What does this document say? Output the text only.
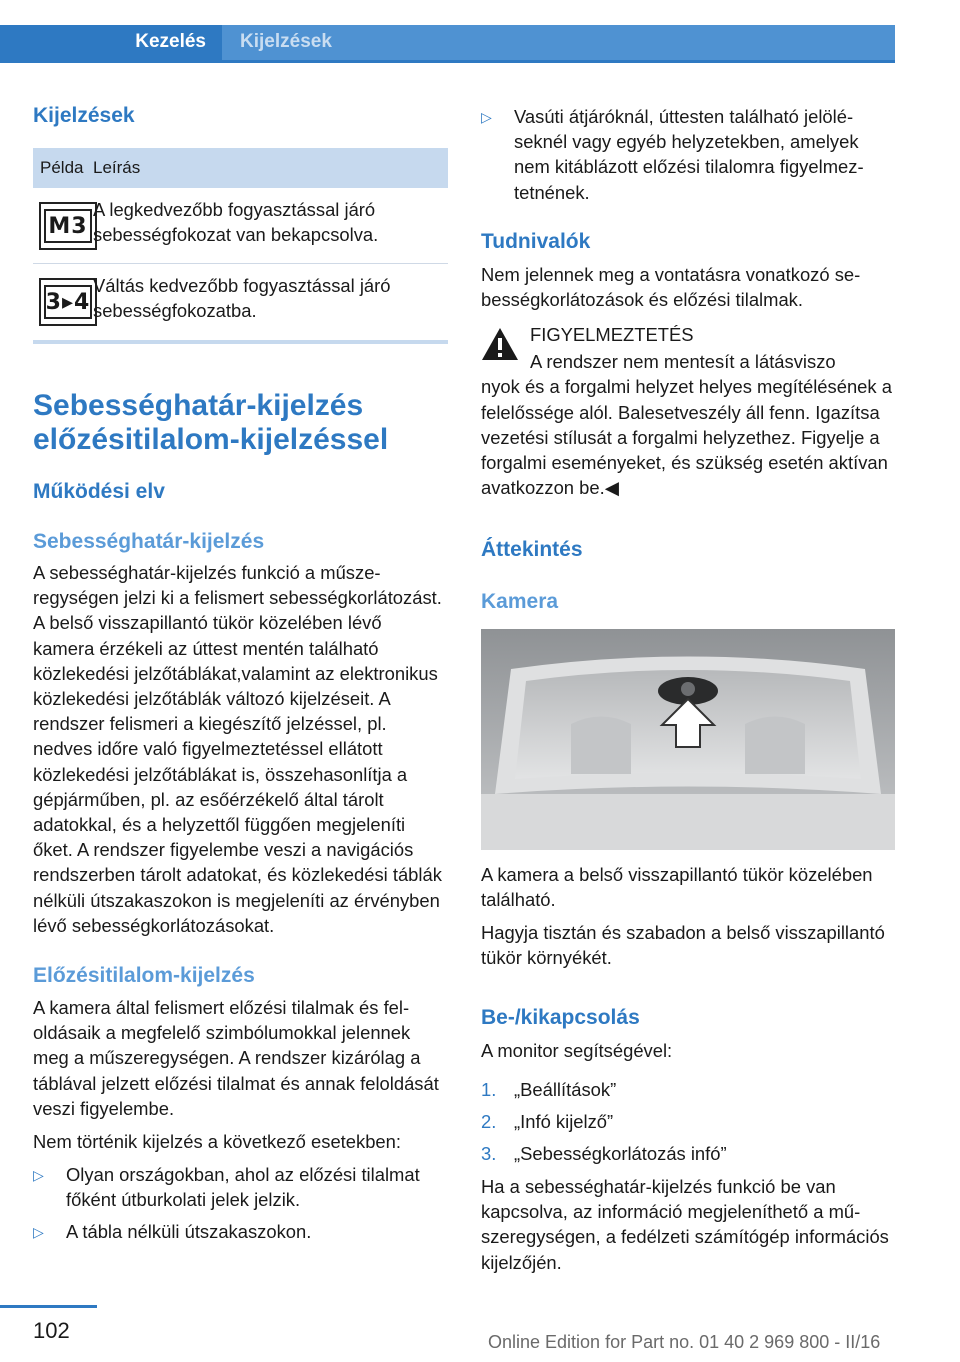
Kezelés Kijelzések
Kijelzések
Példa Leírás
M3
A legkedvezőbb fogyasztással járó sebességfokozat van bekapcsolva.
3▸4
Váltás kedvezőbb fogyasztással járó sebességfokozatba.
Sebességhatár-kijelzés
előzésitilalom-kijelzéssel
Működési elv
Sebességhatár-kijelzés

A sebességhatár-kijelzés funkció a műszeregységen jelzi ki a felismert sebességkorlátozást. A belső visszapillantó tükör közelében lévő kamera érzékeli az úttest mentén található közlekedési jelzőtáblákat,valamint az elektronikus közlekedési jelzőtáblák változó kijelzéseit. A rendszer felismeri a kiegészítő jelzéssel, pl. nedves időre való figyelmeztetéssel ellátott közlekedési jelzőtáblákat is, összehasonlítja a gépjárműben, pl. az esőérzékelő által tárolt adatokkal, és a helyzettől függően megjeleníti őket. A rendszer figyelembe veszi a navigációs rendszerben tárolt adatokat, és közlekedési táblák nélküli útszakaszokon is megjeleníti az érvényben lévő sebességkorlátozásokat.

Előzésitilalom-kijelzés

A kamera által felismert előzési tilalmak és feloldásaik a megfelelő szimbólumokkal jelennek meg a műszeregységen. A rendszer kizárólag a táblával jelzett előzési tilalmat és annak feloldását veszi figyelembe.

Nem történik kijelzés a következő esetekben:

▷ Olyan országokban, ahol az előzési tilalmat főként útburkolati jelek jelzik.
▷ A tábla nélküli útszakaszokon.
▷ Vasúti átjáróknál, úttesten található jelöléseknél vagy egyéb helyzetekben, amelyek nem kitáblázott előzési tilalomra figyelmeztetnének.
Tudnivalók

Nem jelennek meg a vontatásra vonatkozó sebességkorlátozások és előzési tilalmak.

FIGYELMEZTETÉS
A rendszer nem mentesít a látásviszo
nyok és a forgalmi helyzet helyes megítélésének a felelőssége alól. Balesetveszély áll fenn. Igazítsa vezetési stílusát a forgalmi helyzethez. Figyelje a forgalmi eseményeket, és szükség esetén aktívan avatkozzon be.◀
Áttekintés
Kamera

A kamera a belső visszapillantó tükör közelében található.

Hagyja tisztán és szabadon a belső visszapillantó tükör környékét.

Be-/kikapcsolás

A monitor segítségével:

1. „Beállítások”
2. „Infó kijelző”
3. „Sebességkorlátozás infó”

Ha a sebességhatár-kijelzés funkció be van kapcsolva, az információ megjeleníthető a műszeregységen, a fedélzeti számítógép információs kijelzőjén.

102	Online Edition for Part no. 01 40 2 969 800 - II/16
